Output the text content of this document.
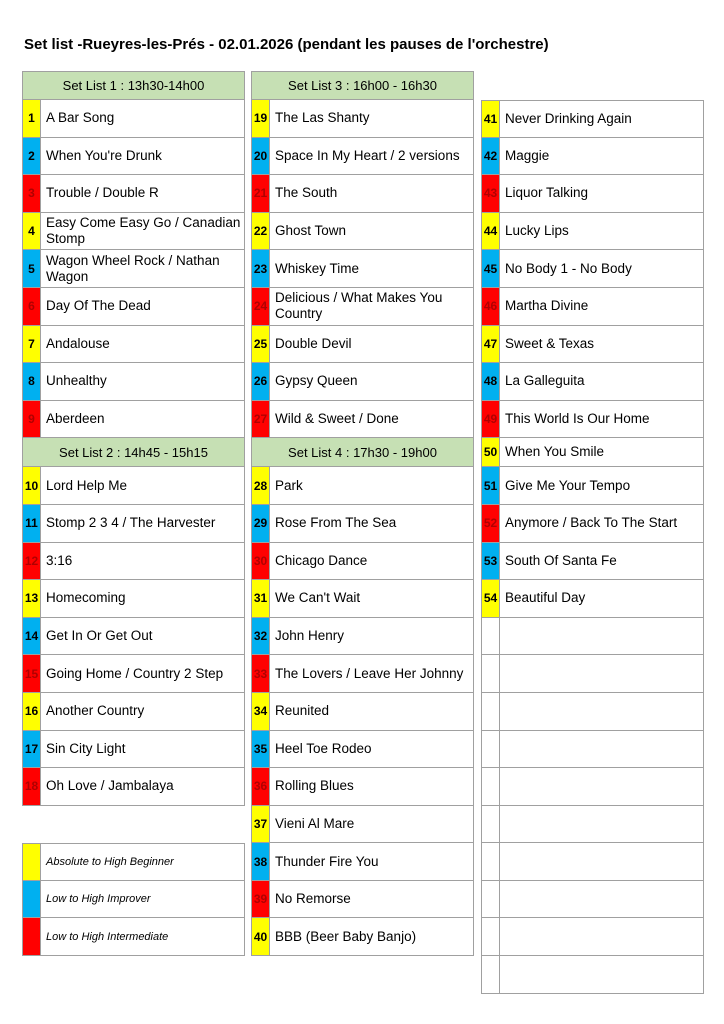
Set list -Rueyres-les-Prés - 02.01.2026 (pendant les pauses de l'orchestre)
Set List 1 : 13h30-14h00
1 A Bar Song
2 When You're Drunk
3 Trouble / Double R
4
Easy Come Easy Go / Canadian Stomp
5
Wagon Wheel Rock / Nathan Wagon
6 Day Of The Dead
7 Andalouse
8 Unhealthy
9 Aberdeen
Set List 2 : 14h45 - 15h15
10 Lord Help Me
11 Stomp 2 3 4 / The Harvester
12 3:16
13 Homecoming
14 Get In Or Get Out
15 Going Home / Country 2 Step
16 Another Country
17 Sin City Light
18 Oh Love / Jambalaya
Absolute to High Beginner
Low to High Improver
Low to High Intermediate
Set List 3 : 16h00 - 16h30
19 The Las Shanty
20 Space In My Heart / 2 versions
21 The South
22 Ghost Town
23 Whiskey Time
24
Delicious / What Makes You Country
25 Double Devil
26 Gypsy Queen
27 Wild & Sweet / Done
Set List 4 : 17h30 - 19h00
28 Park
29 Rose From The Sea
30 Chicago Dance
31 We Can't Wait
32 John Henry
33 The Lovers / Leave Her Johnny
34 Reunited
35 Heel Toe Rodeo
36 Rolling Blues
37 Vieni Al Mare
38 Thunder Fire You
39 No Remorse
40 BBB (Beer Baby Banjo)
41 Never Drinking Again
42 Maggie
43 Liquor Talking
44 Lucky Lips
45 No Body 1 - No Body
46 Martha Divine
47 Sweet & Texas
48 La Galleguita
49 This World Is Our Home
50 When You Smile
51 Give Me Your Tempo
52 Anymore / Back To The Start
53 South Of Santa Fe
54 Beautiful Day
